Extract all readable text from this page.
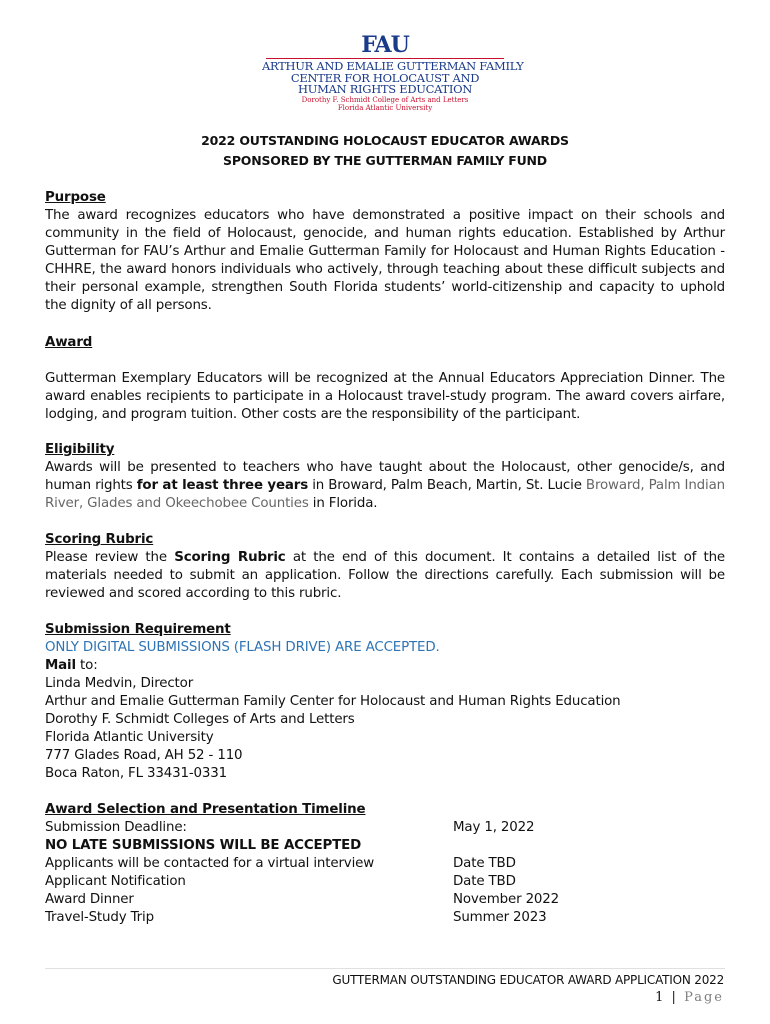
FAU
ARTHUR AND EMALIE GUTTERMAN FAMILY
CENTER FOR HOLOCAUST AND
HUMAN RIGHTS EDUCATION
Dorothy F. Schmidt College of Arts and Letters
Florida Atlantic University
2022 OUTSTANDING HOLOCAUST EDUCATOR AWARDS
SPONSORED BY THE GUTTERMAN FAMILY FUND
Purpose
The award recognizes educators who have demonstrated a positive impact on their schools and community in the field of Holocaust, genocide, and human rights education. Established by Arthur Gutterman for FAU’s Arthur and Emalie Gutterman Family for Holocaust and Human Rights Education - CHHRE, the award honors individuals who actively, through teaching about these difficult subjects and their personal example, strengthen South Florida students’ world-citizenship and capacity to uphold the dignity of all persons.
Award
Gutterman Exemplary Educators will be recognized at the Annual Educators Appreciation Dinner. The award enables recipients to participate in a Holocaust travel-study program. The award covers airfare, lodging, and program tuition. Other costs are the responsibility of the participant.
Eligibility
Awards will be presented to teachers who have taught about the Holocaust, other genocide/s, and human rights for at least three years in Broward, Palm Beach, Martin, St. Lucie Broward, Palm Indian River, Glades and Okeechobee Counties in Florida.
Scoring Rubric
Please review the Scoring Rubric at the end of this document. It contains a detailed list of the materials needed to submit an application. Follow the directions carefully. Each submission will be reviewed and scored according to this rubric.
Submission Requirement
ONLY DIGITAL SUBMISSIONS (FLASH DRIVE) ARE ACCEPTED.
Mail to:
Linda Medvin, Director
Arthur and Emalie Gutterman Family Center for Holocaust and Human Rights Education
Dorothy F. Schmidt Colleges of Arts and Letters
Florida Atlantic University
777 Glades Road, AH 52 - 110
Boca Raton, FL 33431-0331
Award Selection and Presentation Timeline
Submission Deadline:	May 1, 2022
NO LATE SUBMISSIONS WILL BE ACCEPTED
Applicants will be contacted for a virtual interview	Date TBD
Applicant Notification	Date TBD
Award Dinner	November 2022
Travel-Study Trip	Summer 2023
GUTTERMAN OUTSTANDING EDUCATOR AWARD APPLICATION 2022
1 | Page
